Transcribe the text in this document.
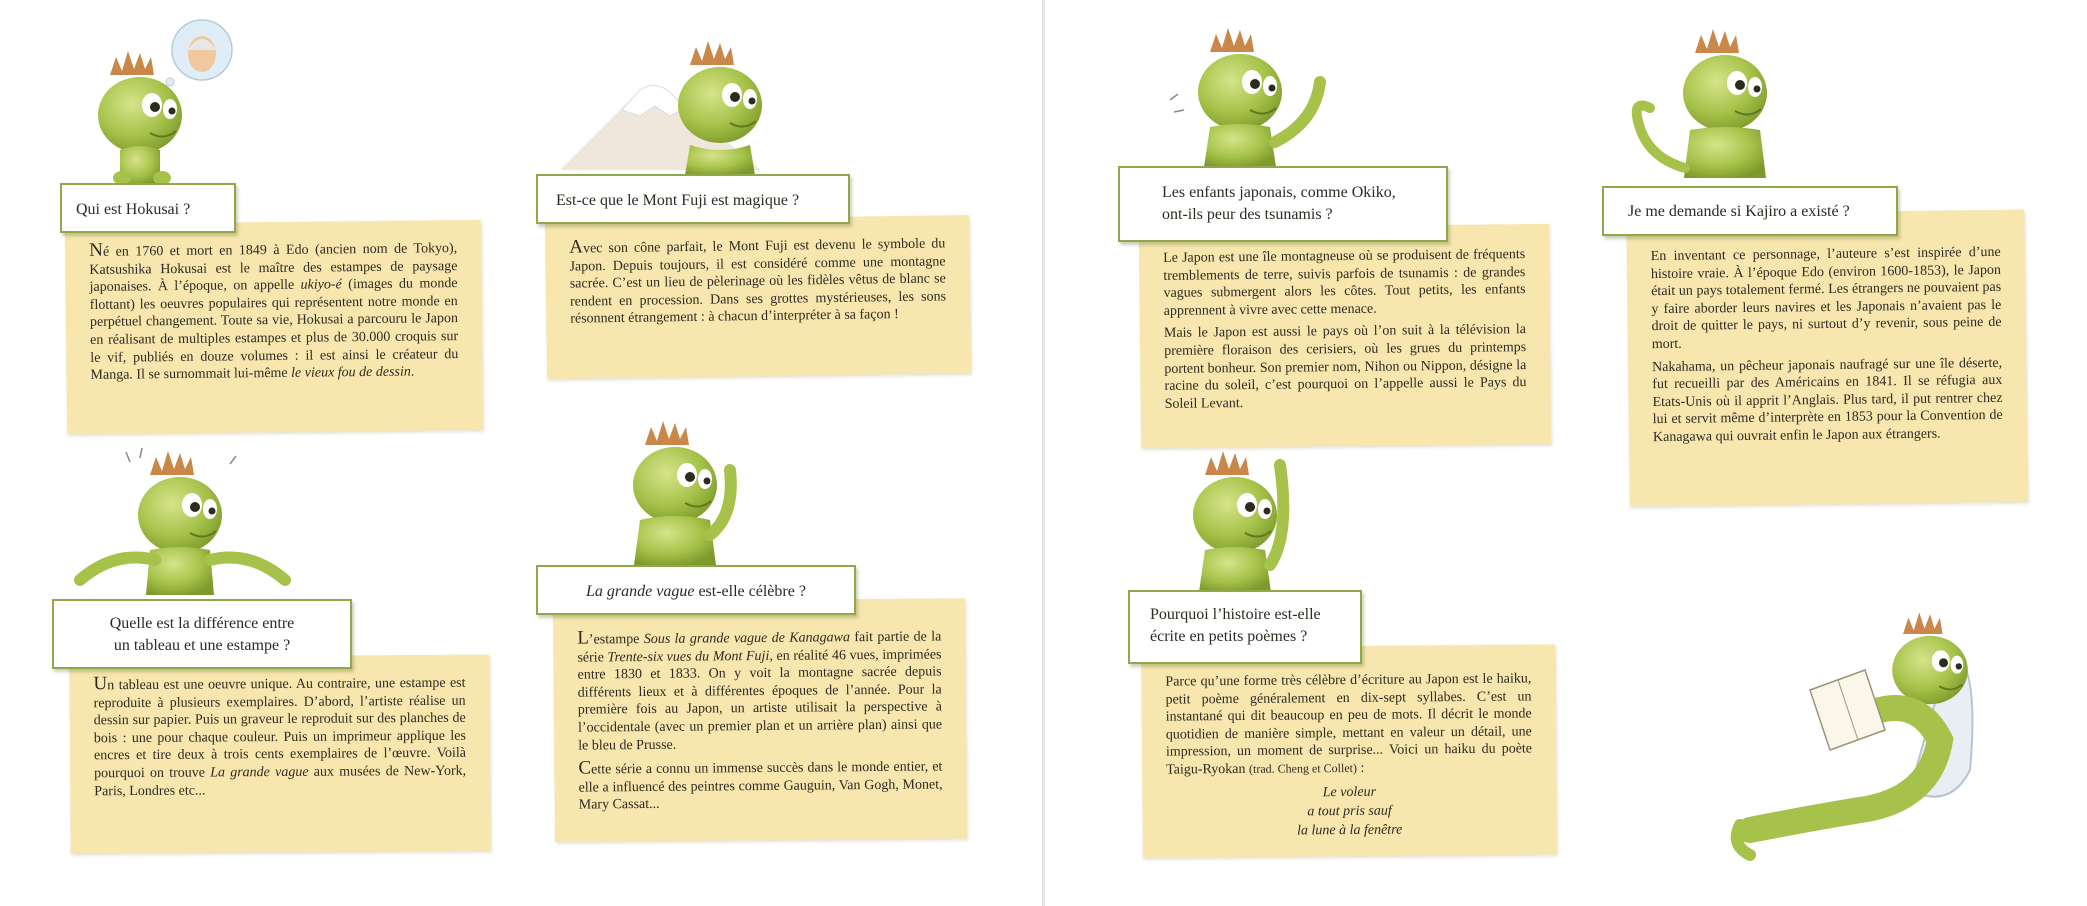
Né en 1760 et mort en 1849 à Edo (ancien nom de Tokyo), Katsushika Hokusai est le maître des estampes de paysage japonaises. À l’époque, on appelle ukiyo-é (images du monde flottant) les oeuvres populaires qui représentent notre monde en perpétuel changement. Toute sa vie, Hokusai a parcouru le Japon en réalisant de multiples estampes et plus de 30.000 croquis sur le vif, publiés en douze volumes : il est ainsi le créateur du Manga. Il se surnommait lui-même le vieux fou de dessin.

Qui est Hokusai ?

Avec son cône parfait, le Mont Fuji est devenu le symbole du Japon. Depuis toujours, il est considéré comme une montagne sacrée. C’est un lieu de pèlerinage où les fidèles vêtus de blanc se rendent en procession. Dans ses grottes mystérieuses, les sons résonnent étrangement : à chacun d’interpréter à sa façon !

Est-ce que le Mont Fuji est magique ?

Un tableau est une oeuvre unique. Au contraire, une estampe est reproduite à plusieurs exemplaires. D’abord, l’artiste réalise un dessin sur papier. Puis un graveur le reproduit sur des planches de bois : une pour chaque couleur. Puis un imprimeur applique les encres et tire deux à trois cents exemplaires de l’œuvre. Voilà pourquoi on trouve La grande vague aux musées de New-York, Paris, Londres etc...

Quelle est la différence entre
un tableau et une estampe ?	L’estampe Sous la grande vague de Kanagawa fait partie de la série Trente-six vues du Mont Fuji, en réalité 46 vues, imprimées entre 1830 et 1833. On y voit la montagne sacrée depuis différents lieux et à différentes époques de l’année. Pour la première fois au Japon, un artiste utilisait la perspective à l’occidentale (avec un premier plan et un arrière plan) ainsi que le bleu de Prusse.

Cette série a connu un immense succès dans le monde entier, et elle a influencé des peintres comme Gauguin, Van Gogh, Monet, Mary Cassat...

La grande vague est-elle célèbre ?

Le Japon est une île montagneuse où se produisent de fréquents tremblements de terre, suivis parfois de tsunamis : de grandes vagues submergent alors les côtes. Tout petits, les enfants apprennent à vivre avec cette menace.

Mais le Japon est aussi le pays où l’on suit à la télévision la première floraison des cerisiers, où les grues du printemps portent bonheur. Son premier nom, Nihon ou Nippon, désigne la racine du soleil, c’est pourquoi on l’appelle aussi le Pays du Soleil Levant.

Les enfants japonais, comme Okiko,
ont-ils peur des tsunamis ?

En inventant ce personnage, l’auteure s’est inspirée d’une histoire vraie. À l’époque Edo (environ 1600-1853), le Japon était un pays totalement fermé. Les étrangers ne pouvaient pas y faire aborder leurs navires et les Japonais n’avaient pas le droit de quitter le pays, ni surtout d’y revenir, sous peine de mort.

Nakahama, un pêcheur japonais naufragé sur une île déserte, fut recueilli par des Américains en 1841. Il se réfugia aux Etats-Unis où il apprit l’Anglais. Plus tard, il put rentrer chez lui et servit même d’interprète en 1853 pour la Convention de Kanagawa qui ouvrait enfin le Japon aux étrangers.

Je me demande si Kajiro a existé ?

Parce qu’une forme très célèbre d’écriture au Japon est le haiku, petit poème généralement en dix-sept syllabes. C’est un instantané qui dit beaucoup en peu de mots. Il décrit le monde quotidien de manière simple, mettant en valeur un détail, une impression, un moment de surprise... Voici un haiku du poète Taigu-Ryokan (trad. Cheng et Collet) :

Le voleur
a tout pris sauf
la lune à la fenêtre
Pourquoi l’histoire est-elle
écrite en petits poèmes ?
